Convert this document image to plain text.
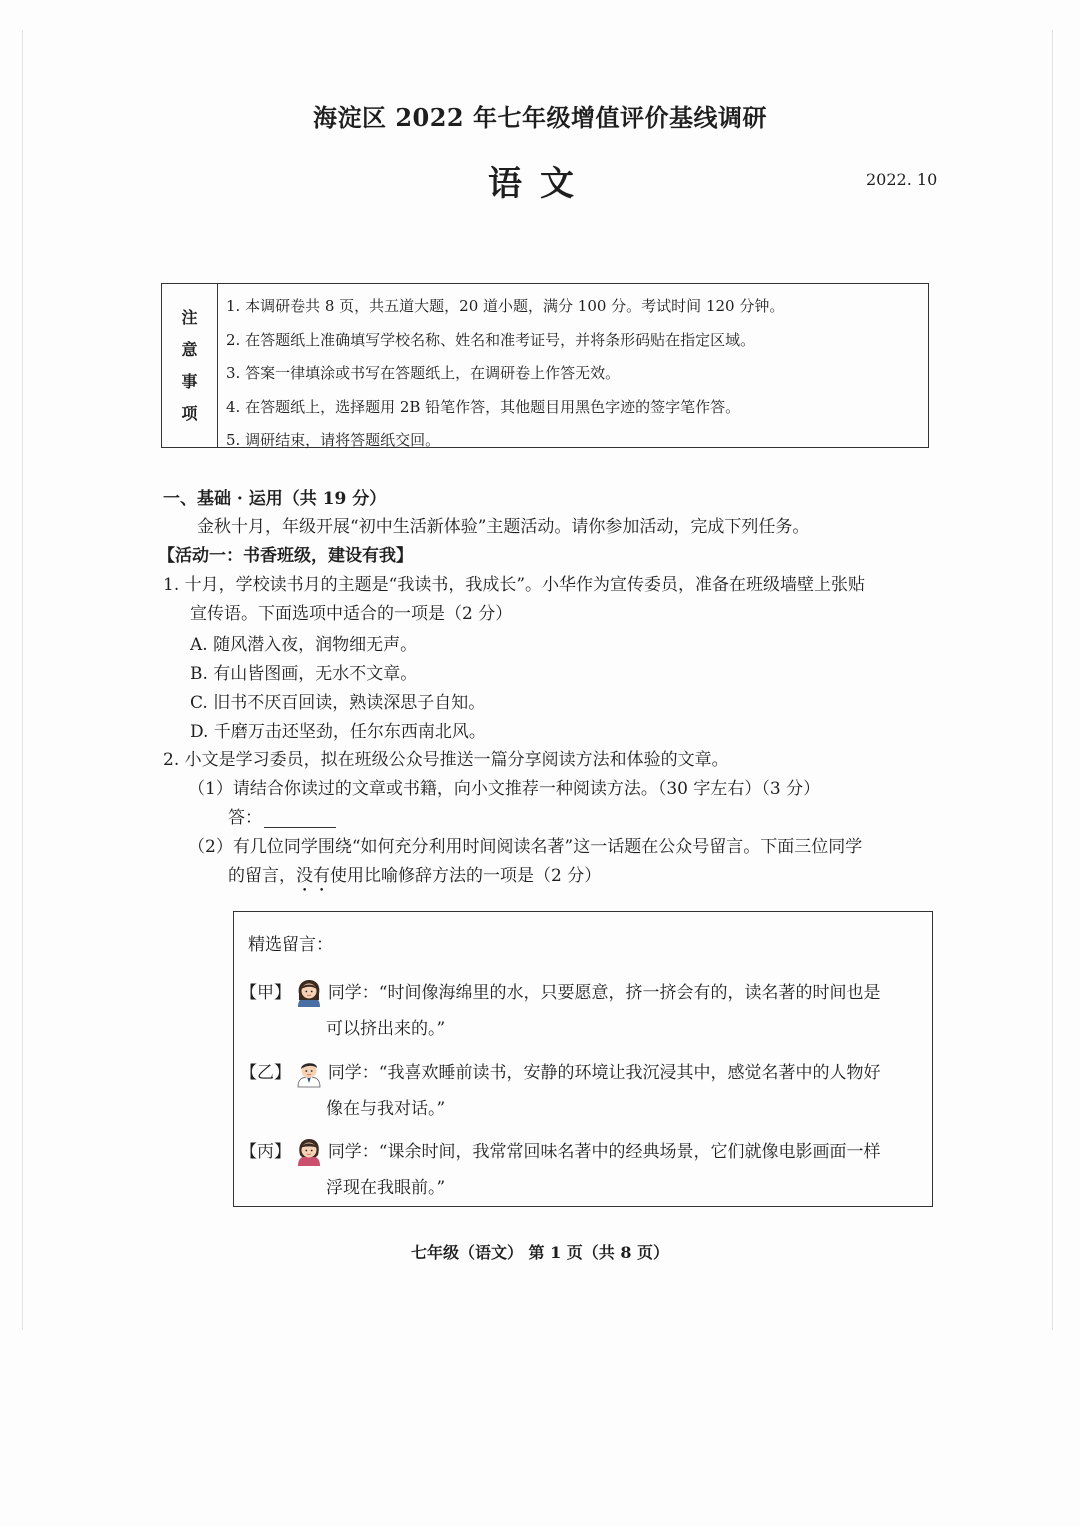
海淀区 2022 年七年级增值评价基线调研
语文	2022. 10
注
意
事
项
1. 本调研卷共 8 页，共五道大题，20 道小题，满分 100 分。考试时间 120 分钟。
2. 在答题纸上准确填写学校名称、姓名和准考证号，并将条形码贴在指定区域。
3. 答案一律填涂或书写在答题纸上，在调研卷上作答无效。
4. 在答题纸上，选择题用 2B 铅笔作答，其他题目用黑色字迹的签字笔作答。
5. 调研结束，请将答题纸交回。
一、基础 · 运用（共 19 分）
金秋十月，年级开展“初中生活新体验”主题活动。请你参加活动，完成下列任务。
【活动一：书香班级，建设有我】
1. 十月，学校读书月的主题是“我读书，我成长”。小华作为宣传委员，准备在班级墙壁上张贴
宣传语。下面选项中适合的一项是（2 分）
A. 随风潜入夜，润物细无声。
B. 有山皆图画，无水不文章。
C. 旧书不厌百回读，熟读深思子自知。
D. 千磨万击还坚劲，任尔东西南北风。
2. 小文是学习委员，拟在班级公众号推送一篇分享阅读方法和体验的文章。
（1）请结合你读过的文章或书籍，向小文推荐一种阅读方法。（30 字左右）（3 分）
答：
（2）有几位同学围绕“如何充分利用时间阅读名著”这一话题在公众号留言。下面三位同学
的留言，没有使用比喻修辞方法的一项是（2 分）
精选留言：
【甲】 同学：“时间像海绵里的水，只要愿意，挤一挤会有的，读名著的时间也是
可以挤出来的。”
【乙】 同学：“我喜欢睡前读书，安静的环境让我沉浸其中，感觉名著中的人物好
像在与我对话。”
【丙】 同学：“课余时间，我常常回味名著中的经典场景，它们就像电影画面一样
浮现在我眼前。”
七年级（语文） 第 1 页（共 8 页）
